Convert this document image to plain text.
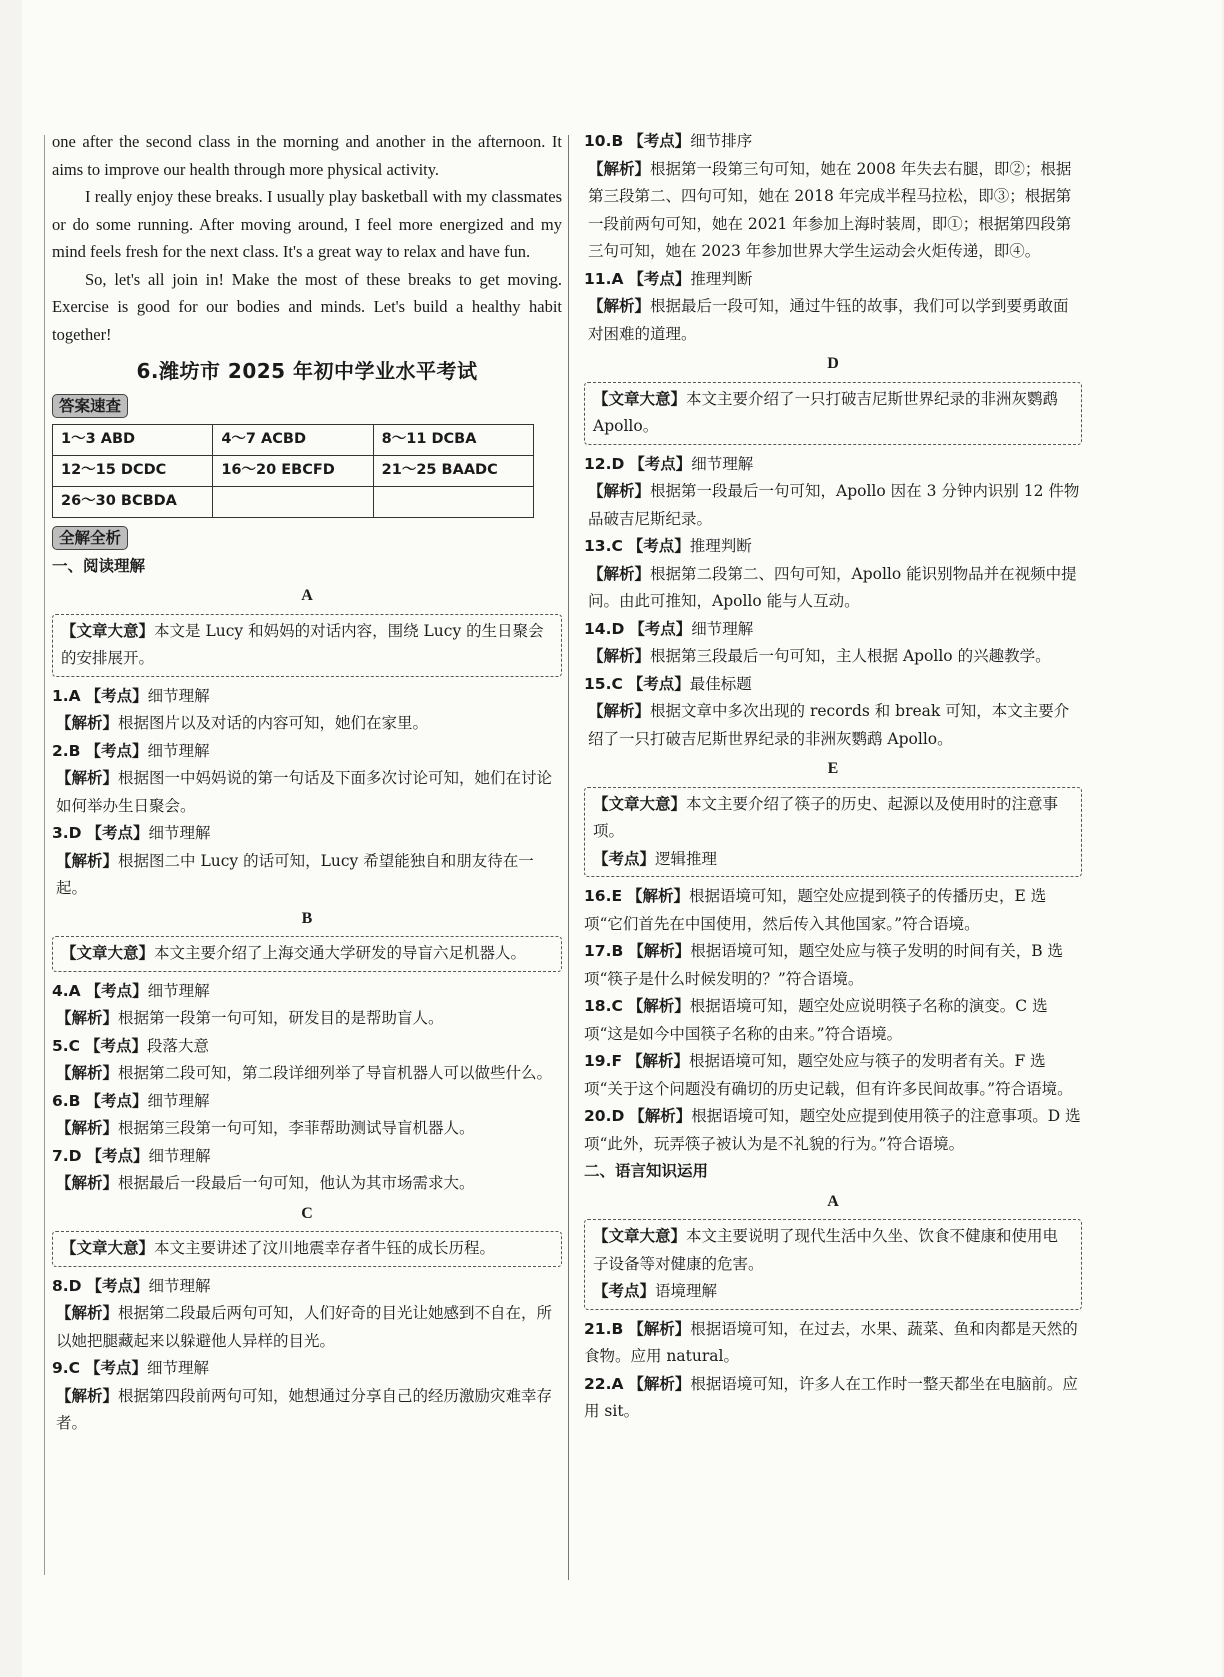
one after the second class in the morning and another in the afternoon. It aims to improve our health through more physical activity.

I really enjoy these breaks. I usually play basketball with my classmates or do some running. After moving around, I feel more energized and my mind feels fresh for the next class. It's a great way to relax and have fun.

So, let's all join in! Make the most of these breaks to get moving. Exercise is good for our bodies and minds. Let's build a healthy habit together!

6.潍坊市 2025 年初中学业水平考试
答案速查
1～3 ABD	4～7 ACBD	8～11 DCBA
12～15 DCDC	16～20 EBCFD	21～25 BAADC
26～30 BCBDA		
全解全析

一、阅读理解

A

【文章大意】本文是 Lucy 和妈妈的对话内容，围绕 Lucy 的生日聚会的安排展开。

1.A 【考点】细节理解

【解析】根据图片以及对话的内容可知，她们在家里。

2.B 【考点】细节理解

【解析】根据图一中妈妈说的第一句话及下面多次讨论可知，她们在讨论如何举办生日聚会。

3.D 【考点】细节理解

【解析】根据图二中 Lucy 的话可知，Lucy 希望能独自和朋友待在一起。

B

【文章大意】本文主要介绍了上海交通大学研发的导盲六足机器人。

4.A 【考点】细节理解

【解析】根据第一段第一句可知，研发目的是帮助盲人。

5.C 【考点】段落大意

【解析】根据第二段可知，第二段详细列举了导盲机器人可以做些什么。

6.B 【考点】细节理解

【解析】根据第三段第一句可知，李菲帮助测试导盲机器人。

7.D 【考点】细节理解

【解析】根据最后一段最后一句可知，他认为其市场需求大。

C

【文章大意】本文主要讲述了汶川地震幸存者牛钰的成长历程。

8.D 【考点】细节理解

【解析】根据第二段最后两句可知，人们好奇的目光让她感到不自在，所以她把腿藏起来以躲避他人异样的目光。

9.C 【考点】细节理解

【解析】根据第四段前两句可知，她想通过分享自己的经历激励灾难幸存者。

10.B 【考点】细节排序

【解析】根据第一段第三句可知，她在 2008 年失去右腿，即②；根据第三段第二、四句可知，她在 2018 年完成半程马拉松，即③；根据第一段前两句可知，她在 2021 年参加上海时装周，即①；根据第四段第三句可知，她在 2023 年参加世界大学生运动会火炬传递，即④。

11.A 【考点】推理判断

【解析】根据最后一段可知，通过牛钰的故事，我们可以学到要勇敢面对困难的道理。

D

【文章大意】本文主要介绍了一只打破吉尼斯世界纪录的非洲灰鹦鹉 Apollo。

12.D 【考点】细节理解

【解析】根据第一段最后一句可知，Apollo 因在 3 分钟内识别 12 件物品破吉尼斯纪录。

13.C 【考点】推理判断

【解析】根据第二段第二、四句可知，Apollo 能识别物品并在视频中提问。由此可推知，Apollo 能与人互动。

14.D 【考点】细节理解

【解析】根据第三段最后一句可知，主人根据 Apollo 的兴趣教学。

15.C 【考点】最佳标题

【解析】根据文章中多次出现的 records 和 break 可知，本文主要介绍了一只打破吉尼斯世界纪录的非洲灰鹦鹉 Apollo。

E

【文章大意】本文主要介绍了筷子的历史、起源以及使用时的注意事项。

【考点】逻辑推理

16.E 【解析】根据语境可知，题空处应提到筷子的传播历史，E 选项“它们首先在中国使用，然后传入其他国家。”符合语境。

17.B 【解析】根据语境可知，题空处应与筷子发明的时间有关，B 选项“筷子是什么时候发明的？”符合语境。

18.C 【解析】根据语境可知，题空处应说明筷子名称的演变。C 选项“这是如今中国筷子名称的由来。”符合语境。

19.F 【解析】根据语境可知，题空处应与筷子的发明者有关。F 选项“关于这个问题没有确切的历史记载，但有许多民间故事。”符合语境。

20.D 【解析】根据语境可知，题空处应提到使用筷子的注意事项。D 选项“此外，玩弄筷子被认为是不礼貌的行为。”符合语境。

二、语言知识运用

A

【文章大意】本文主要说明了现代生活中久坐、饮食不健康和使用电子设备等对健康的危害。

【考点】语境理解

21.B 【解析】根据语境可知，在过去，水果、蔬菜、鱼和肉都是天然的食物。应用 natural。

22.A 【解析】根据语境可知，许多人在工作时一整天都坐在电脑前。应用 sit。
